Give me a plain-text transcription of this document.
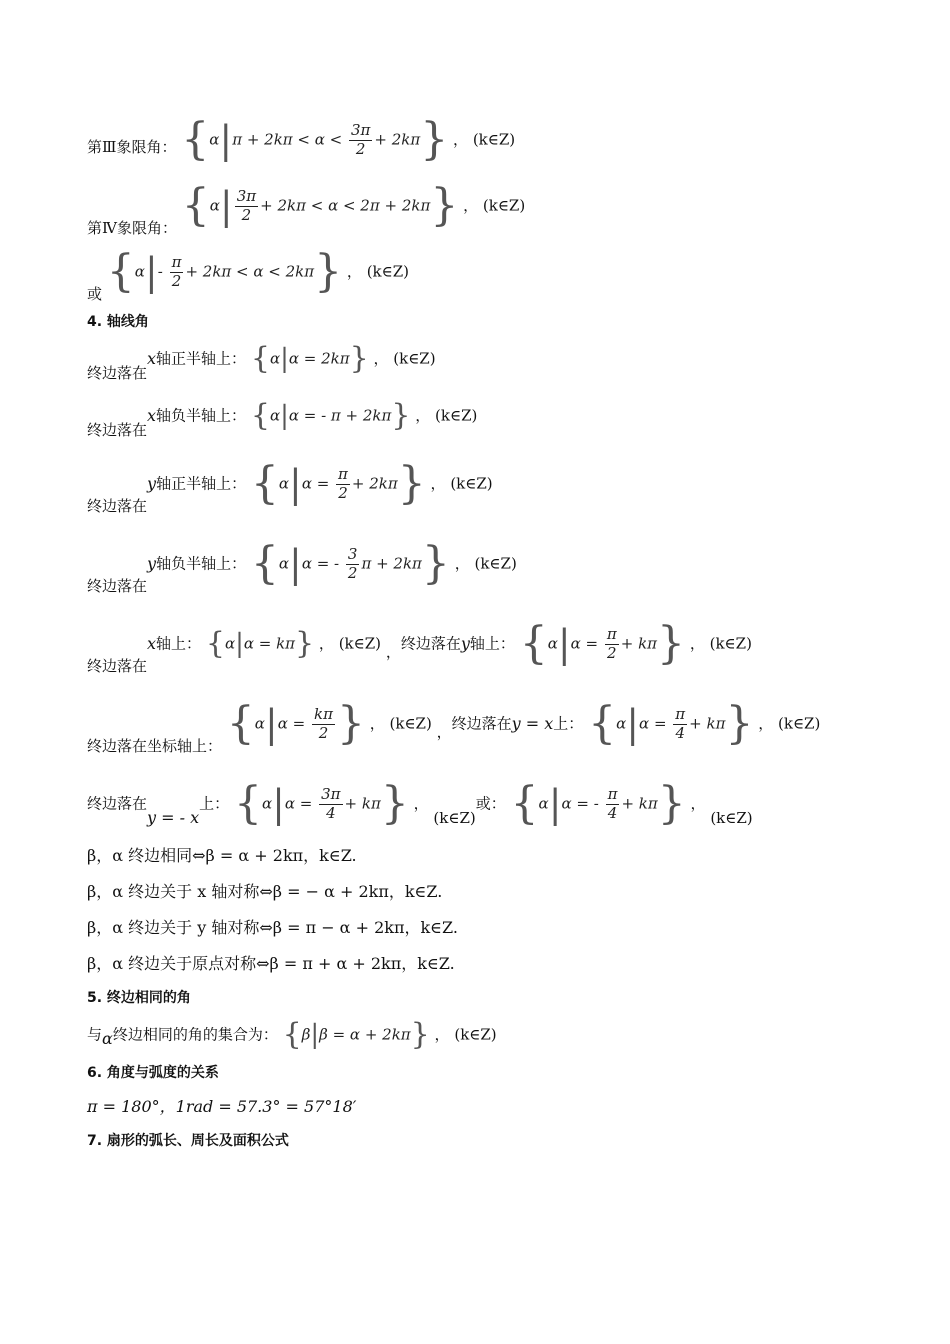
第Ⅲ象限角： $\{\alpha|\pi + 2k\pi < \alpha < \frac{3\pi}{2} + 2k\pi\}$ ， (k∈Z)
第Ⅳ象限角： $\{\alpha| \frac{3\pi}{2} + 2k\pi < \alpha < 2\pi + 2k\pi\}$ ， (k∈Z)
或 $\{\alpha|- \frac{\pi}{2} + 2k\pi < \alpha < 2k\pi\}$ ， (k∈Z)
4. 轴线角
终边落在x轴正半轴上： {α|α = 2kπ} ， (k∈Z)
终边落在x轴负半轴上： {α|α = - π + 2kπ} ， (k∈Z)
终边落在y轴正半轴上： $\{\alpha|\alpha = \frac{\pi}{2} + 2k\pi\}$ ， (k∈Z)
终边落在y轴负半轴上： {α|α = - $\frac{3}{2}$ π + 2kπ} ， (k∈Z)
终边落在x轴上： {α|α = kπ} ， (k∈Z) ，终边落在y轴上： $\{\alpha|\alpha = \frac{\pi}{2} + k\pi\}$ ， (k∈Z)
终边落在坐标轴上： {$\alpha|\alpha = \frac{k\pi}{2}$ } ， (k∈Z) ，终边落在y = x上： $\{\alpha|\alpha = \frac{\pi}{4} + k\pi\}$ ， (k∈Z)
终边落在y = - x上： $\{\alpha|\alpha = \frac{3\pi}{4} + k\pi\}$ ， (k∈Z)或： {α|α = - $\frac{\pi}{4} + k\pi$} ， (k∈Z)
β，α 终边相同⇔β = α + 2kπ，k∈Z.
β，α 终边关于 x 轴对称⇔β = − α + 2kπ，k∈Z.
β，α 终边关于 y 轴对称⇔β = π − α + 2kπ，k∈Z.
β，α 终边关于原点对称⇔β = π + α + 2kπ，k∈Z.
5. 终边相同的角
与α终边相同的角的集合为： {β|β = α + 2kπ} ， (k∈Z)
6. 角度与弧度的关系
π = 180°，1rad = 57.3° = 57°18′
7. 扇形的弧长、周长及面积公式
